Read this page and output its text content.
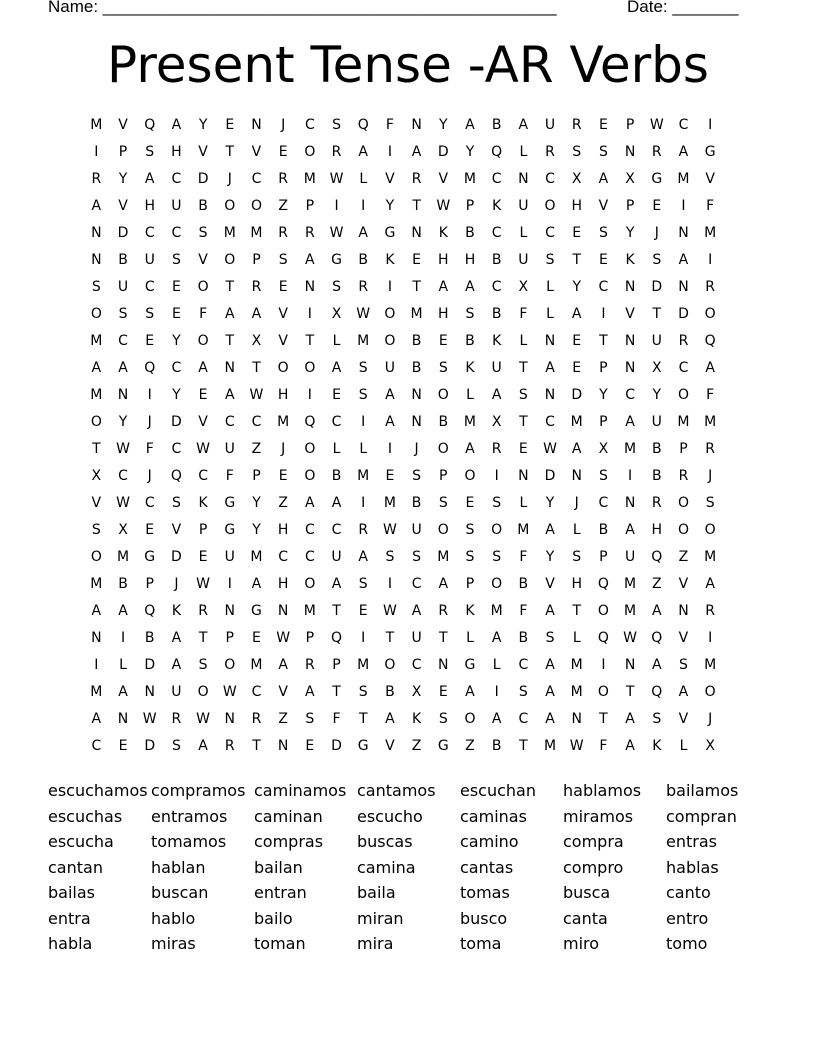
Name: ________________________________________________	Date: _______
Present Tense -AR Verbs
M	V	Q	A	Y	E	N	J	C	S	Q	F	N	Y	A	B	A	U	R	E	P	W	C	I
I	P	S	H	V	T	V	E	O	R	A	I	A	D	Y	Q	L	R	S	S	N	R	A	G
R	Y	A	C	D	J	C	R	M W	L	V	R	V	M	C	N	C	X	A	X	G	M	V
A	V	H	U	B	O	O	Z	P	I	I	Y	T	W	P	K	U	O	H	V	P	E	I	F
N	D	C	C	S	M	M	R	R	W	A	G	N	K	B	C	L	C	E	S	Y	J	N	M
N	B	U	S	V	O	P	S	A	G	B	K	E	H	H	B	U	S	T	E	K	S	A	I
S	U	C	E	O	T	R	E	N	S	R	I	T	A	A	C	X	L	Y	C	N	D	N	R
O	S	S	E	F	A	A	V	I	X	W	O	M	H	S	B	F	L	A	I	V	T	D	O
M	C	E	Y	O	T	X	V	T	L	M	O	B	E	B	K	L	N	E	T	N	U	R	Q
A	A	Q	C	A	N	T	O	O	A	S	U	B	S	K	U	T	A	E	P	N	X	C	A
M	N	I	Y	E	A	W	H	I	E	S	A	N	O	L	A	S	N	D	Y	C	Y	O	F
O	Y	J	D	V	C	C	M	Q	C	I	A	N	B	M	X	T	C	M	P	A	U	M	M
T	W	F	C	W	U	Z	J	O	L	L	I	J	O	A	R	E	W	A	X	M	B	P	R
X	C	J	Q	C	F	P	E	O	B	M	E	S	P	O	I	N	D	N	S	I	B	R	J
V	W	C	S	K	G	Y	Z	A	A	I	M	B	S	E	S	L	Y	J	C	N	R	O	S
S	X	E	V	P	G	Y	H	C	C	R	W	U	O	S	O	M	A	L	B	A	H	O	O
O	M	G	D	E	U	M	C	C	U	A	S	S	M	S	S	F	Y	S	P	U	Q	Z	M
M	B	P	J	W	I	A	H	O	A	S	I	C	A	P	O	B	V	H	Q	M	Z	V	A
A	A	Q	K	R	N	G	N	M	T	E	W	A	R	K	M	F	A	T	O	M	A	N	R
N	I	B	A	T	P	E	W	P	Q	I	T	U	T	L	A	B	S	L	Q	W	Q	V	I
I	L	D	A	S	O	M	A	R	P	M	O	C	N	G	L	C	A	M	I	N	A	S	M
M	A	N	U	O	W	C	V	A	T	S	B	X	E	A	I	S	A	M	O	T	Q	A	O
A	N	W	R	W	N	R	Z	S	F	T	A	K	S	O	A	C	A	N	T	A	S	V	J
C	E	D	S	A	R	T	N	E	D	G	V	Z	G	Z	B	T	M W	F	A	K	L	X
escuchamos compramos caminamos cantamos	escuchan	hablamos	bailamos
escuchas	entramos	caminan	escucho	caminas	miramos	compran
escucha	tomamos	compras	buscas	camino	compra	entras
cantan	hablan	bailan	camina	cantas	compro	hablas
bailas	buscan	entran	baila	tomas	busca	canto
entra	hablo	bailo	miran	busco	canta	entro
habla	miras	toman	mira	toma	miro	tomo
